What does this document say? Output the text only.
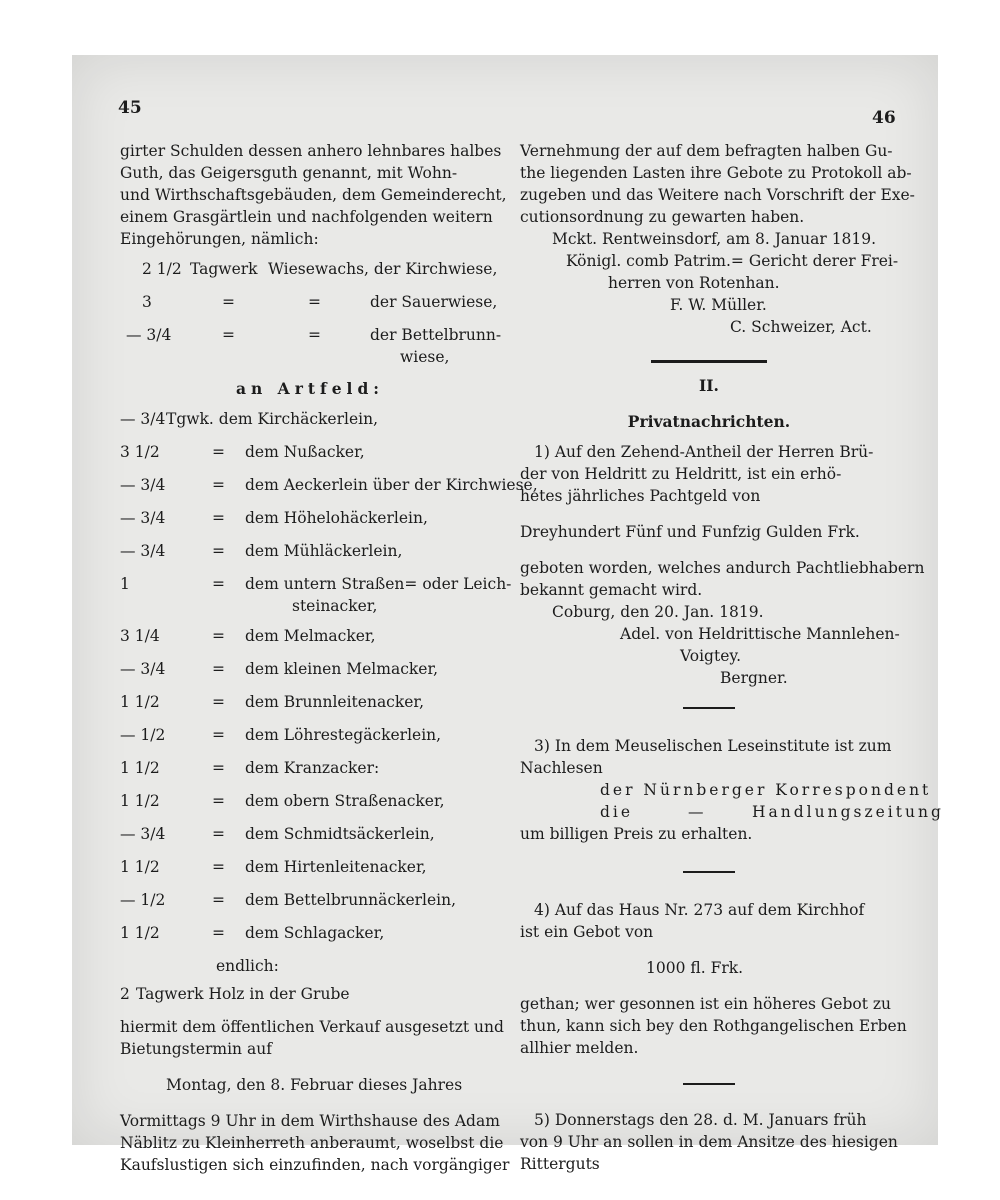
45	46
girter Schulden dessen anhero lehnbares halbes
Guth, das Geigersguth genannt, mit Wohn-
und Wirthschaftsgebäuden, dem Gemeinderecht,
einem Grasgärtlein und nachfolgenden weitern
Eingehörungen, nämlich:
2 1/2 Tagwerk Wiesewachs, der Kirchwiese,
3	=	=	der Sauerwiese,
— 3/4	=	=	der Bettelbrunn-
wiese,
an Artfeld:
— 3/4 Tgwk. dem Kirchäckerlein,
3 1/2	= dem Nußacker,
— 3/4	= dem Aeckerlein über der Kirchwiese,
— 3/4	= dem Höhelohäckerlein,
— 3/4	= dem Mühläckerlein,
1	= dem untern Straßen= oder Leich-
steinacker,
3 1/4	= dem Melmacker,
— 3/4	= dem kleinen Melmacker,
1 1/2	= dem Brunnleitenacker,
— 1/2	= dem Löhrestegäckerlein,
1 1/2	= dem Kranzacker:
1 1/2	= dem obern Straßenacker,
— 3/4	= dem Schmidtsäckerlein,
1 1/2	= dem Hirtenleitenacker,
— 1/2	= dem Bettelbrunnäckerlein,
1 1/2	= dem Schlagacker,
endlich:
2 Tagwerk Holz in der Grube
hiermit dem öffentlichen Verkauf ausgesetzt und
Bietungstermin auf
Montag, den 8. Februar dieses Jahres
Vormittags 9 Uhr in dem Wirthshause des Adam
Näblitz zu Kleinherreth anberaumt, woselbst die
Kaufslustigen sich einzufinden, nach vorgängiger
Vernehmung der auf dem befragten halben Gu-
the liegenden Lasten ihre Gebote zu Protokoll ab-
zugeben und das Weitere nach Vorschrift der Exe-
cutionsordnung zu gewarten haben.
Mckt. Rentweinsdorf, am 8. Januar 1819.
Königl. comb Patrim.= Gericht derer Frei-
herren von Rotenhan.
F. W. Müller.
C. Schweizer, Act.
II.
Privatnachrichten.
1) Auf den Zehend-Antheil der Herren Brü-
der von Heldritt zu Heldritt, ist ein erhö-
hetes jährliches Pachtgeld von
Dreyhundert Fünf und Funfzig Gulden Frk.
geboten worden, welches andurch Pachtliebhabern
bekannt gemacht wird.
Coburg, den 20. Jan. 1819.
Adel. von Heldrittische Mannlehen-
Voigtey.
Bergner.
3) In dem Meuselischen Leseinstitute ist zum
Nachlesen
der Nürnberger Korrespondent
die	—	Handlungszeitung
um billigen Preis zu erhalten.
4) Auf das Haus Nr. 273 auf dem Kirchhof
ist ein Gebot von
1000 fl. Frk.
gethan; wer gesonnen ist ein höheres Gebot zu
thun, kann sich bey den Rothgangelischen Erben
allhier melden.
5) Donnerstags den 28. d. M. Januars früh
von 9 Uhr an sollen in dem Ansitze des hiesigen
Ritterguts
